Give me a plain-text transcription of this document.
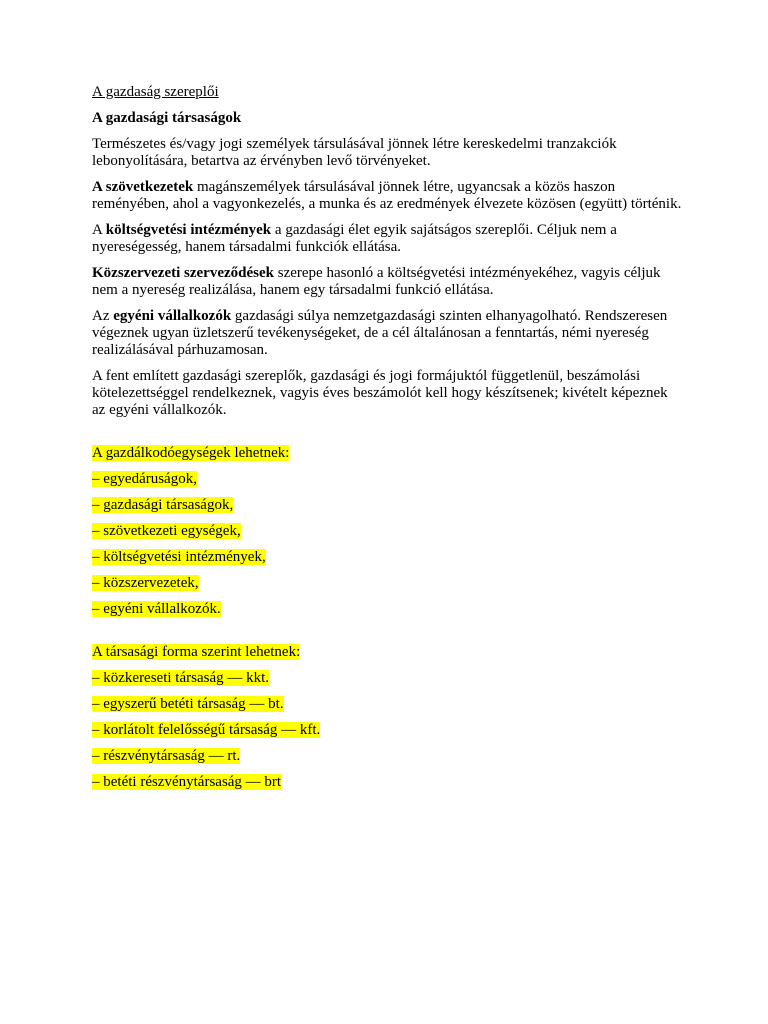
A gazdaság szereplői

A gazdasági társaságok

Természetes és/vagy jogi személyek társulásával jönnek létre kereskedelmi tranzakciók lebonyolítására, betartva az érvényben levő törvényeket.

A szövetkezetek magánszemélyek társulásával jönnek létre, ugyancsak a közös haszon reményében, ahol a vagyonkezelés, a munka és az eredmények élvezete közösen (együtt) történik.

A költségvetési intézmények a gazdasági élet egyik sajátságos szereplői. Céljuk nem a nyereségesség, hanem társadalmi funkciók ellátása.

Közszervezeti szerveződések szerepe hasonló a költségvetési intézményekéhez, vagyis céljuk nem a nyereség realizálása, hanem egy társadalmi funkció ellátása.

Az egyéni vállalkozók gazdasági súlya nemzetgazdasági szinten elhanyagolható. Rendszeresen végeznek ugyan üzletszerű tevékenységeket, de a cél általánosan a fenntartás, némi nyereség realizálásával párhuzamosan.

A fent említett gazdasági szereplők, gazdasági és jogi formájuktól függetlenül, beszámolási kötelezettséggel rendelkeznek, vagyis éves beszámolót kell hogy készítsenek; kivételt képeznek az egyéni vállalkozók.

A gazdálkodóegységek lehetnek:
– egyedáruságok,
– gazdasági társaságok,
– szövetkezeti egységek,
– költségvetési intézmények,
– közszervezetek,
– egyéni vállalkozók.
A társasági forma szerint lehetnek:
– közkereseti társaság — kkt.
– egyszerű betéti társaság — bt.
– korlátolt felelősségű társaság — kft.
– részvénytársaság — rt.
– betéti részvénytársaság — brt
